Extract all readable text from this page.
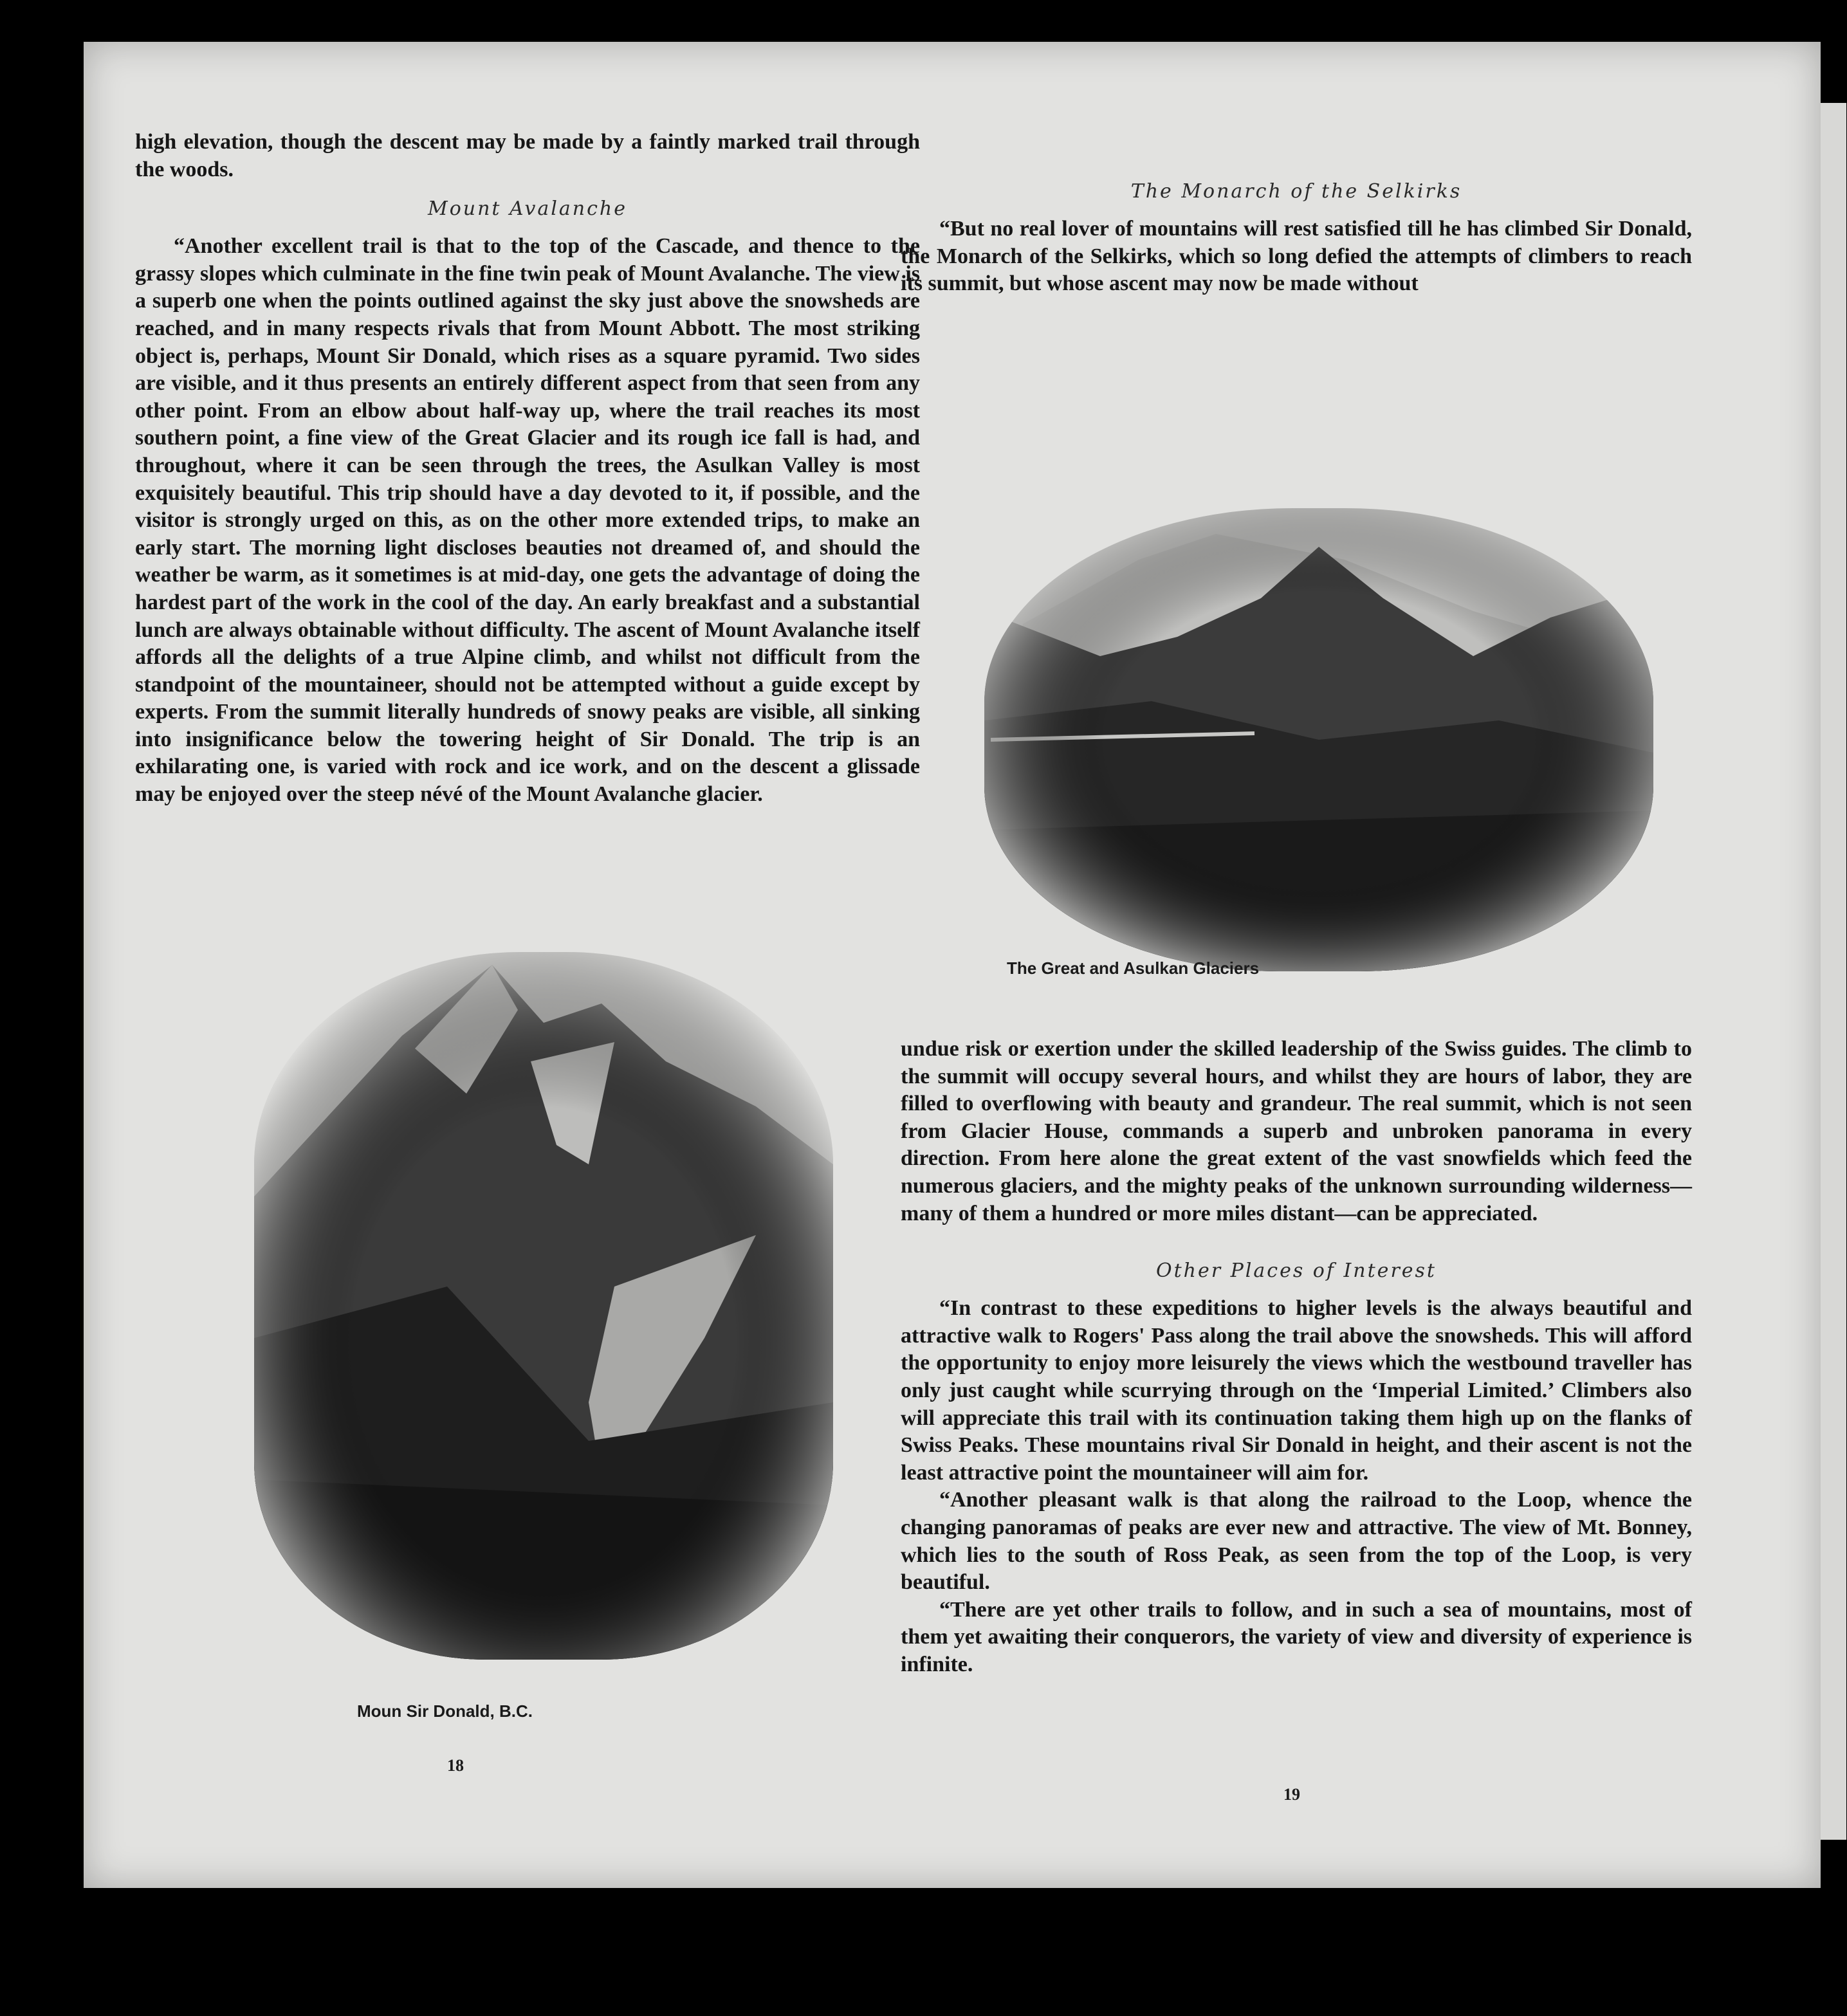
high elevation, though the descent may be made by a faintly marked trail through the woods.

Mount Avalanche

“Another excellent trail is that to the top of the Cascade, and thence to the grassy slopes which culminate in the fine twin peak of Mount Avalanche. The view is a superb one when the points outlined against the sky just above the snowsheds are reached, and in many respects rivals that from Mount Abbott. The most striking object is, perhaps, Mount Sir Donald, which rises as a square pyramid. Two sides are visible, and it thus presents an entirely different aspect from that seen from any other point. From an elbow about half-way up, where the trail reaches its most southern point, a fine view of the Great Glacier and its rough ice fall is had, and throughout, where it can be seen through the trees, the Asulkan Valley is most exquisitely beautiful. This trip should have a day devoted to it, if possible, and the visitor is strongly urged on this, as on the other more extended trips, to make an early start. The morning light discloses beauties not dreamed of, and should the weather be warm, as it sometimes is at mid-day, one gets the advantage of doing the hardest part of the work in the cool of the day. An early breakfast and a substantial lunch are always obtainable without difficulty. The ascent of Mount Avalanche itself affords all the delights of a true Alpine climb, and whilst not difficult from the standpoint of the mountaineer, should not be attempted without a guide except by experts. From the summit literally hundreds of snowy peaks are visible, all sinking into insignificance below the towering height of Sir Donald. The trip is an exhilarating one, is varied with rock and ice work, and on the descent a glissade may be enjoyed over the steep névé of the Mount Avalanche glacier.

Moun Sir Donald, B.C.
18
The Monarch of the Selkirks

“But no real lover of mountains will rest satisfied till he has climbed Sir Donald, the Monarch of the Selkirks, which so long defied the attempts of climbers to reach its summit, but whose ascent may now be made without

The Great and Asulkan Glaciers

undue risk or exertion under the skilled leadership of the Swiss guides. The climb to the summit will occupy several hours, and whilst they are hours of labor, they are filled to overflowing with beauty and grandeur. The real summit, which is not seen from Glacier House, commands a superb and unbroken panorama in every direction. From here alone the great extent of the vast snowfields which feed the numerous glaciers, and the mighty peaks of the unknown surrounding wilderness—many of them a hundred or more miles distant—can be appreciated.

Other Places of Interest

“In contrast to these expeditions to higher levels is the always beautiful and attractive walk to Rogers' Pass along the trail above the snowsheds. This will afford the opportunity to enjoy more leisurely the views which the westbound traveller has only just caught while scurrying through on the ‘Imperial Limited.’ Climbers also will appreciate this trail with its continuation taking them high up on the flanks of Swiss Peaks. These mountains rival Sir Donald in height, and their ascent is not the least attractive point the mountaineer will aim for.

“Another pleasant walk is that along the railroad to the Loop, whence the changing panoramas of peaks are ever new and attractive. The view of Mt. Bonney, which lies to the south of Ross Peak, as seen from the top of the Loop, is very beautiful.

“There are yet other trails to follow, and in such a sea of mountains, most of them yet awaiting their conquerors, the variety of view and diversity of experience is infinite.

19
